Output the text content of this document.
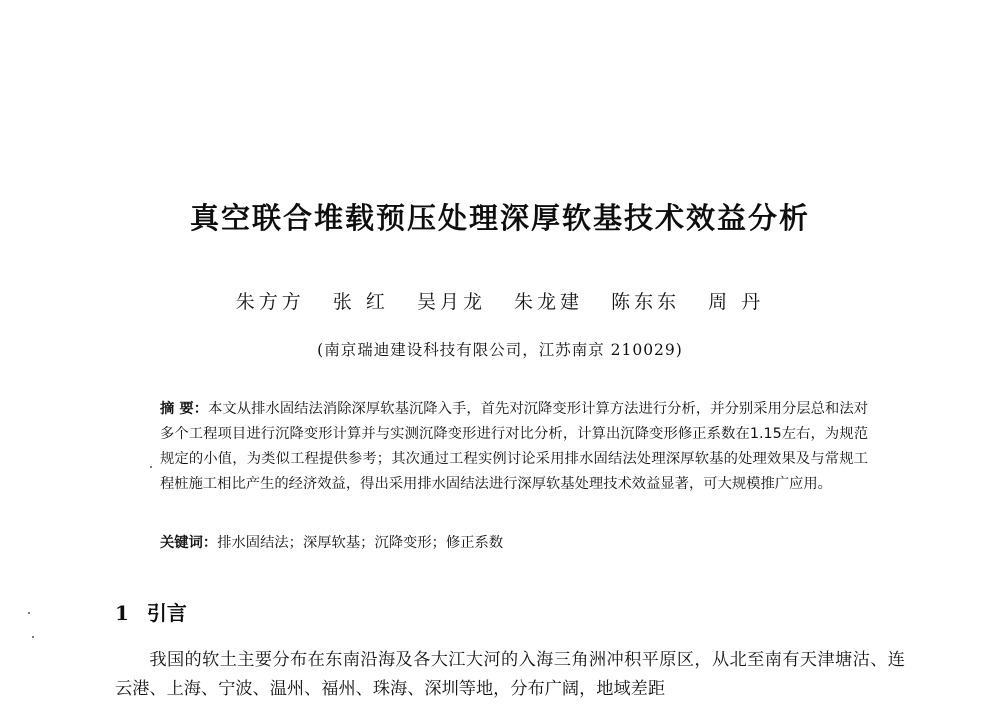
真空联合堆载预压处理深厚软基技术效益分析
朱方方 张 红 吴月龙 朱龙建 陈东东 周 丹
(南京瑞迪建设科技有限公司，江苏南京 210029)
摘 要：本文从排水固结法消除深厚软基沉降入手，首先对沉降变形计算方法进行分析，并分别采用分层总和法对多个工程项目进行沉降变形计算并与实测沉降变形进行对比分析，计算出沉降变形修正系数在1.15左右，为规范规定的小值，为类似工程提供参考；其次通过工程实例讨论采用排水固结法处理深厚软基的处理效果及与常规工程桩施工相比产生的经济效益，得出采用排水固结法进行深厚软基处理技术效益显著，可大规模推广应用。
关键词：排水固结法；深厚软基；沉降变形；修正系数
1 引言
我国的软土主要分布在东南沿海及各大江大河的入海三角洲冲积平原区，从北至南有天津塘沽、连云港、上海、宁波、温州、福州、珠海、深圳等地，分布广阔，地域差距
